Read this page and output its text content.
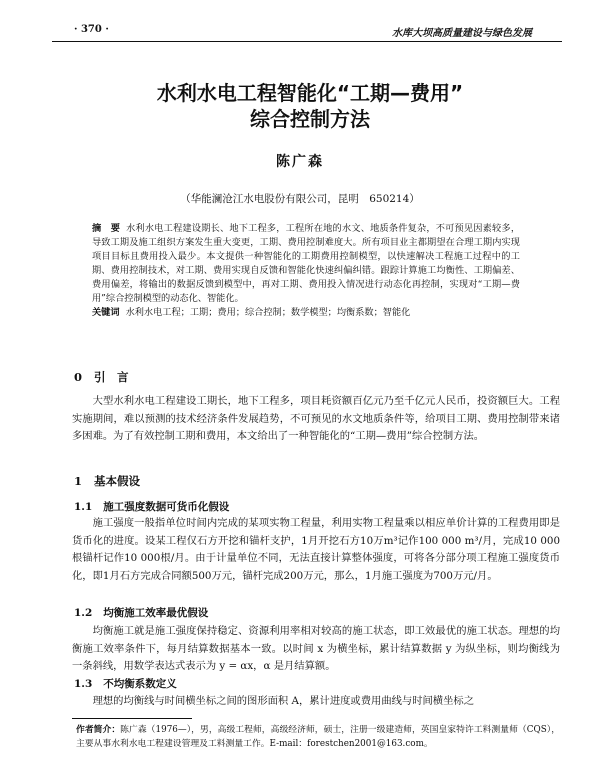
· 370 ·	水库大坝高质量建设与绿色发展
水利水电工程智能化“工期—费用”
综合控制方法
陈广森
（华能澜沧江水电股份有限公司，昆明　650214）
摘　要 水利水电工程建设期长、地下工程多，工程所在地的水文、地质条件复杂，不可预见因素较多，导致工期及施工组织方案发生重大变更，工期、费用控制难度大。所有项目业主都期望在合理工期内实现项目目标且费用投入最少。本文提供一种智能化的工期费用控制模型，以快速解决工程施工过程中的工期、费用控制技术，对工期、费用实现自反馈和智能化快速纠偏纠错。跟踪计算施工均衡性、工期偏差、费用偏差，将输出的数据反馈到模型中，再对工期、费用投入情况进行动态化再控制，实现对“工期—费用”综合控制模型的动态化、智能化。
关键词 水利水电工程；工期；费用；综合控制；数学模型；均衡系数；智能化
0 引　言
大型水利水电工程建设工期长，地下工程多，项目耗资额百亿元乃至千亿元人民币，投资额巨大。工程实施期间，难以预测的技术经济条件发展趋势，不可预见的水文地质条件等，给项目工期、费用控制带来诸多困难。为了有效控制工期和费用，本文给出了一种智能化的“工期—费用”综合控制方法。
1 基本假设
1.1 施工强度数据可货币化假设
施工强度一般指单位时间内完成的某项实物工程量，利用实物工程量乘以相应单价计算的工程费用即是货币化的进度。设某工程仅石方开挖和锚杆支护，1月开挖石方10万m³记作100 000 m³/月，完成10 000根锚杆记作10 000根/月。由于计量单位不同，无法直接计算整体强度，可将各分部分项工程施工强度货币化，即1月石方完成合同额500万元，锚杆完成200万元，那么，1月施工强度为700万元/月。
1.2 均衡施工效率最优假设
均衡施工就是施工强度保持稳定、资源利用率相对较高的施工状态，即工效最优的施工状态。理想的均衡施工效率条件下，每月结算数据基本一致。以时间 x 为横坐标，累计结算数据 y 为纵坐标，则均衡线为一条斜线，用数学表达式表示为 y = αx，α 是月结算额。
1.3 不均衡系数定义
理想的均衡线与时间横坐标之间的图形面积 A，累计进度或费用曲线与时间横坐标之
作者简介：陈广森（1976—），男，高级工程师，高级经济师，硕士，注册一级建造师，英国皇家特许工料测量师（CQS），主要从事水利水电工程建设管理及工料测量工作。E-mail：forestchen2001@163.com。
